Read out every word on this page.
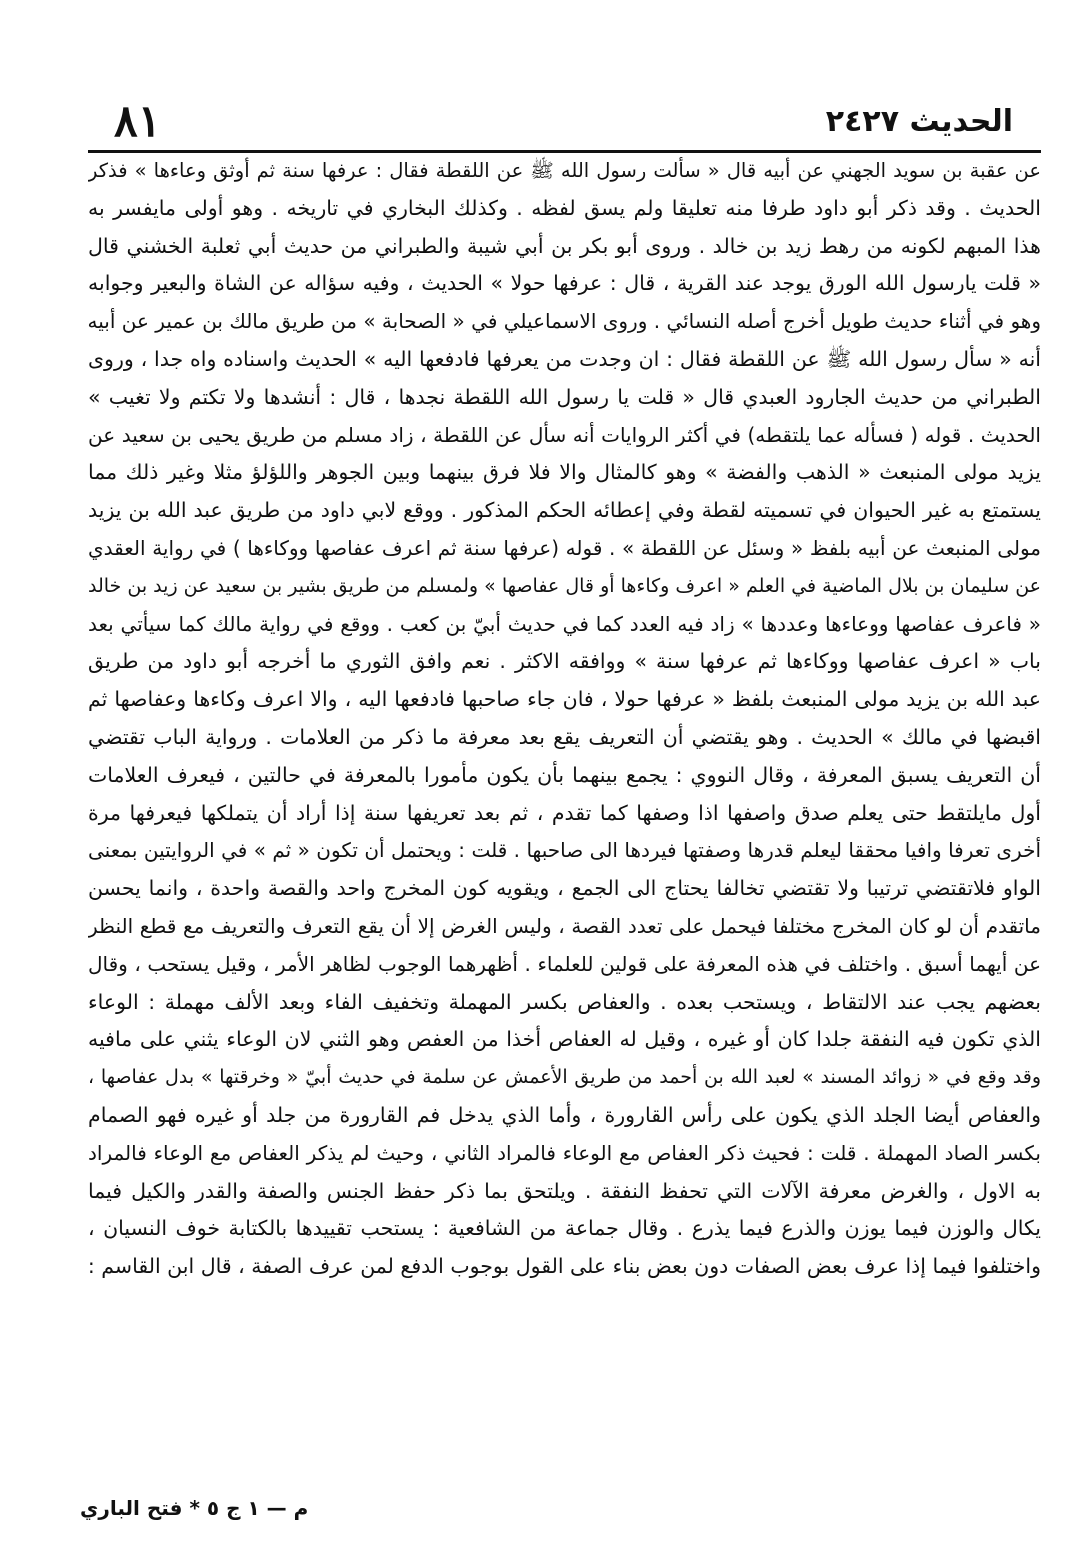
٨١	الحديث ٢٤٢٧
عن عقبة بن سويد الجهني عن أبيه قال « سألت رسول الله ﷺ عن اللقطة فقال : عرفها سنة ثم أوثق وعاءها » فذكر
الحديث . وقد ذكر أبو داود طرفا منه تعليقا ولم يسق لفظه . وكذلك البخاري في تاريخه . وهو أولى مايفسر به
هذا المبهم لكونه من رهط زيد بن خالد . وروى أبو بكر بن أبي شيبة والطبراني من حديث أبي ثعلبة الخشني قال
« قلت يارسول الله الورق يوجد عند القرية ، قال : عرفها حولا » الحديث ، وفيه سؤاله عن الشاة والبعير وجوابه
وهو في أثناء حديث طويل أخرج أصله النسائي . وروى الاسماعيلي في « الصحابة » من طريق مالك بن عمير عن أبيه
أنه « سأل رسول الله ﷺ عن اللقطة فقال : ان وجدت من يعرفها فادفعها اليه » الحديث واسناده واه جدا ، وروى
الطبراني من حديث الجارود العبدي قال « قلت يا رسول الله اللقطة نجدها ، قال : أنشدها ولا تكتم ولا تغيب »
الحديث . قوله ( فسأله عما يلتقطه) في أكثر الروايات أنه سأل عن اللقطة ، زاد مسلم من طريق يحيى بن سعيد عن
يزيد مولى المنبعث « الذهب والفضة » وهو كالمثال والا فلا فرق بينهما وبين الجوهر واللؤلؤ مثلا وغير ذلك مما
يستمتع به غير الحيوان في تسميته لقطة وفي إعطائه الحكم المذكور . ووقع لابي داود من طريق عبد الله بن يزيد
مولى المنبعث عن أبيه بلفظ « وسئل عن اللقطة » . قوله (عرفها سنة ثم اعرف عفاصها ووكاءها ) في رواية العقدي
عن سليمان بن بلال الماضية في العلم « اعرف وكاءها أو قال عفاصها » ولمسلم من طريق بشير بن سعيد عن زيد بن خالد
« فاعرف عفاصها ووعاءها وعددها » زاد فيه العدد كما في حديث أبيّ بن كعب . ووقع في رواية مالك كما سيأتي بعد
باب « اعرف عفاصها ووكاءها ثم عرفها سنة » ووافقه الاكثر . نعم وافق الثوري ما أخرجه أبو داود من طريق
عبد الله بن يزيد مولى المنبعث بلفظ « عرفها حولا ، فان جاء صاحبها فادفعها اليه ، والا اعرف وكاءها وعفاصها ثم
اقبضها في مالك » الحديث . وهو يقتضي أن التعريف يقع بعد معرفة ما ذكر من العلامات . ورواية الباب تقتضي
أن التعريف يسبق المعرفة ، وقال النووي : يجمع بينهما بأن يكون مأمورا بالمعرفة في حالتين ، فيعرف العلامات
أول مايلتقط حتى يعلم صدق واصفها اذا وصفها كما تقدم ، ثم بعد تعريفها سنة إذا أراد أن يتملكها فيعرفها مرة
أخرى تعرفا وافيا محققا ليعلم قدرها وصفتها فيردها الى صاحبها . قلت : ويحتمل أن تكون « ثم » في الروايتين بمعنى
الواو فلاتقتضي ترتيبا ولا تقتضي تخالفا يحتاج الى الجمع ، ويقويه كون المخرج واحد والقصة واحدة ، وانما يحسن
ماتقدم أن لو كان المخرج مختلفا فيحمل على تعدد القصة ، وليس الغرض إلا أن يقع التعرف والتعريف مع قطع النظر
عن أيهما أسبق . واختلف في هذه المعرفة على قولين للعلماء . أظهرهما الوجوب لظاهر الأمر ، وقيل يستحب ، وقال
بعضهم يجب عند الالتقاط ، ويستحب بعده . والعفاص بكسر المهملة وتخفيف الفاء وبعد الألف مهملة : الوعاء
الذي تكون فيه النفقة جلدا كان أو غيره ، وقيل له العفاص أخذا من العفص وهو الثني لان الوعاء يثني على مافيه
وقد وقع في « زوائد المسند » لعبد الله بن أحمد من طريق الأعمش عن سلمة في حديث أبيّ « وخرقتها » بدل عفاصها ،
والعفاص أيضا الجلد الذي يكون على رأس القارورة ، وأما الذي يدخل فم القارورة من جلد أو غيره فهو الصمام
بكسر الصاد المهملة . قلت : فحيث ذكر العفاص مع الوعاء فالمراد الثاني ، وحيث لم يذكر العفاص مع الوعاء فالمراد
به الاول ، والغرض معرفة الآلات التي تحفظ النفقة . ويلتحق بما ذكر حفظ الجنس والصفة والقدر والكيل فيما
يكال والوزن فيما يوزن والذرع فيما يذرع . وقال جماعة من الشافعية : يستحب تقييدها بالكتابة خوف النسيان ،
واختلفوا فيما إذا عرف بعض الصفات دون بعض بناء على القول بوجوب الدفع لمن عرف الصفة ، قال ابن القاسم :
م — ١ ج ٥ * فتح الباري
